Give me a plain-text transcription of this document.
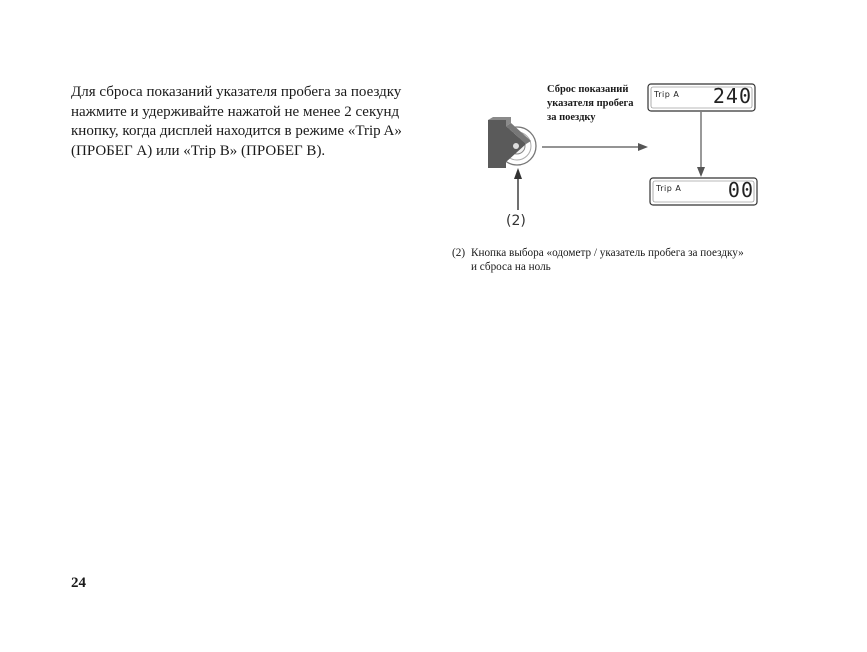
Для сброса показаний указателя пробега за поездку
нажмите и удерживайте нажатой не менее 2 секунд
кнопку, когда дисплей находится в режиме «Trip A»
(ПРОБЕГ A) или «Trip B» (ПРОБЕГ B).
Сброс показаний
указателя пробега
за поездку
Trip A 240
Trip A	00
(2)
(2) Кнопка выбора «одометр / указатель пробега за поездку»
и сброса на ноль
24
